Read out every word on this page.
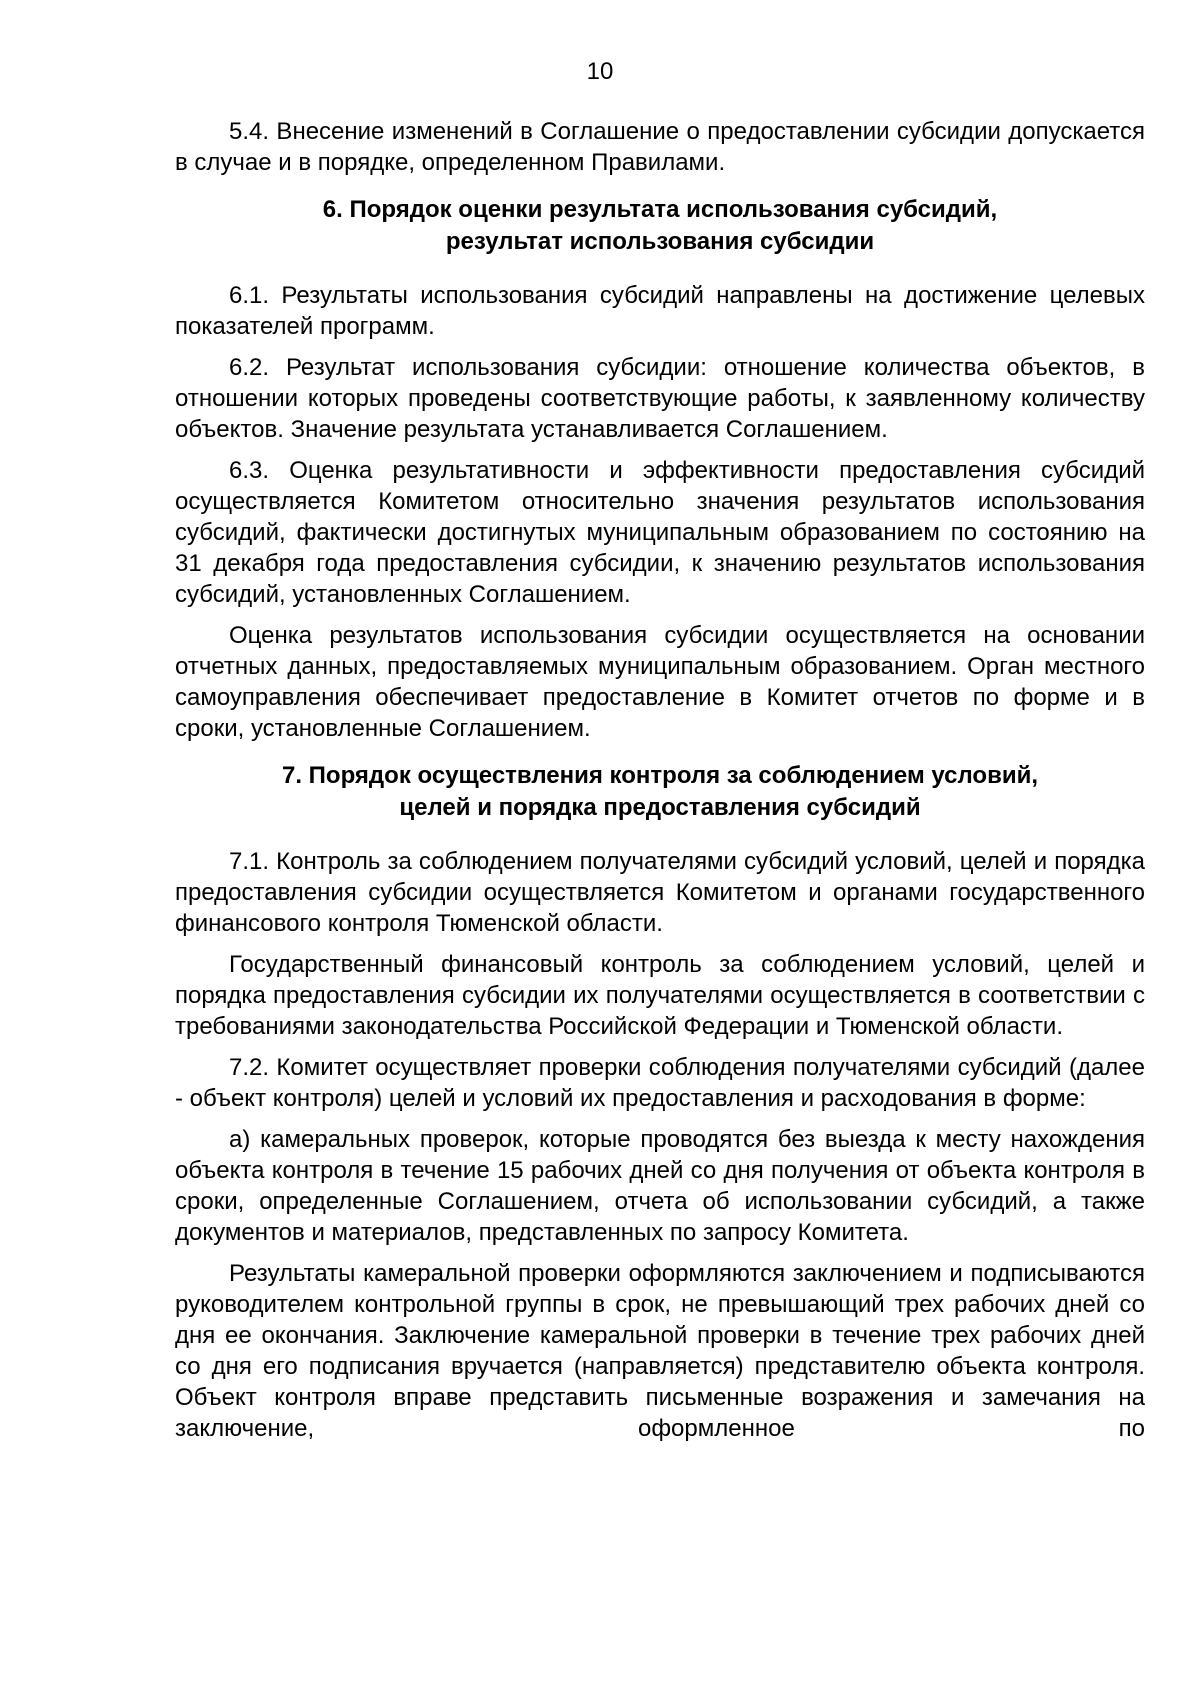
10

5.4. Внесение изменений в Соглашение о предоставлении субсидии допускается в случае и в порядке, определенном Правилами.

6. Порядок оценки результата использования субсидий,
результат использования субсидии

6.1. Результаты использования субсидий направлены на достижение целевых показателей программ.

6.2. Результат использования субсидии: отношение количества объектов, в отношении которых проведены соответствующие работы, к заявленному количеству объектов. Значение результата устанавливается Соглашением.

6.3. Оценка результативности и эффективности предоставления субсидий осуществляется Комитетом относительно значения результатов использования субсидий, фактически достигнутых муниципальным образованием по состоянию на 31 декабря года предоставления субсидии, к значению результатов использования субсидий, установленных Соглашением.

Оценка результатов использования субсидии осуществляется на основании отчетных данных, предоставляемых муниципальным образованием. Орган местного самоуправления обеспечивает предоставление в Комитет отчетов по форме и в сроки, установленные Соглашением.

7. Порядок осуществления контроля за соблюдением условий,
целей и порядка предоставления субсидий

7.1. Контроль за соблюдением получателями субсидий условий, целей и порядка предоставления субсидии осуществляется Комитетом и органами государственного финансового контроля Тюменской области.

Государственный финансовый контроль за соблюдением условий, целей и порядка предоставления субсидии их получателями осуществляется в соответствии с требованиями законодательства Российской Федерации и Тюменской области.

7.2. Комитет осуществляет проверки соблюдения получателями субсидий (далее - объект контроля) целей и условий их предоставления и расходования в форме:

а) камеральных проверок, которые проводятся без выезда к месту нахождения объекта контроля в течение 15 рабочих дней со дня получения от объекта контроля в сроки, определенные Соглашением, отчета об использовании субсидий, а также документов и материалов, представленных по запросу Комитета.

Результаты камеральной проверки оформляются заключением и подписываются руководителем контрольной группы в срок, не превышающий трех рабочих дней со дня ее окончания. Заключение камеральной проверки в течение трех рабочих дней со дня его подписания вручается (направляется) представителю объекта контроля. Объект контроля вправе представить письменные возражения и замечания на заключение, оформленное по
